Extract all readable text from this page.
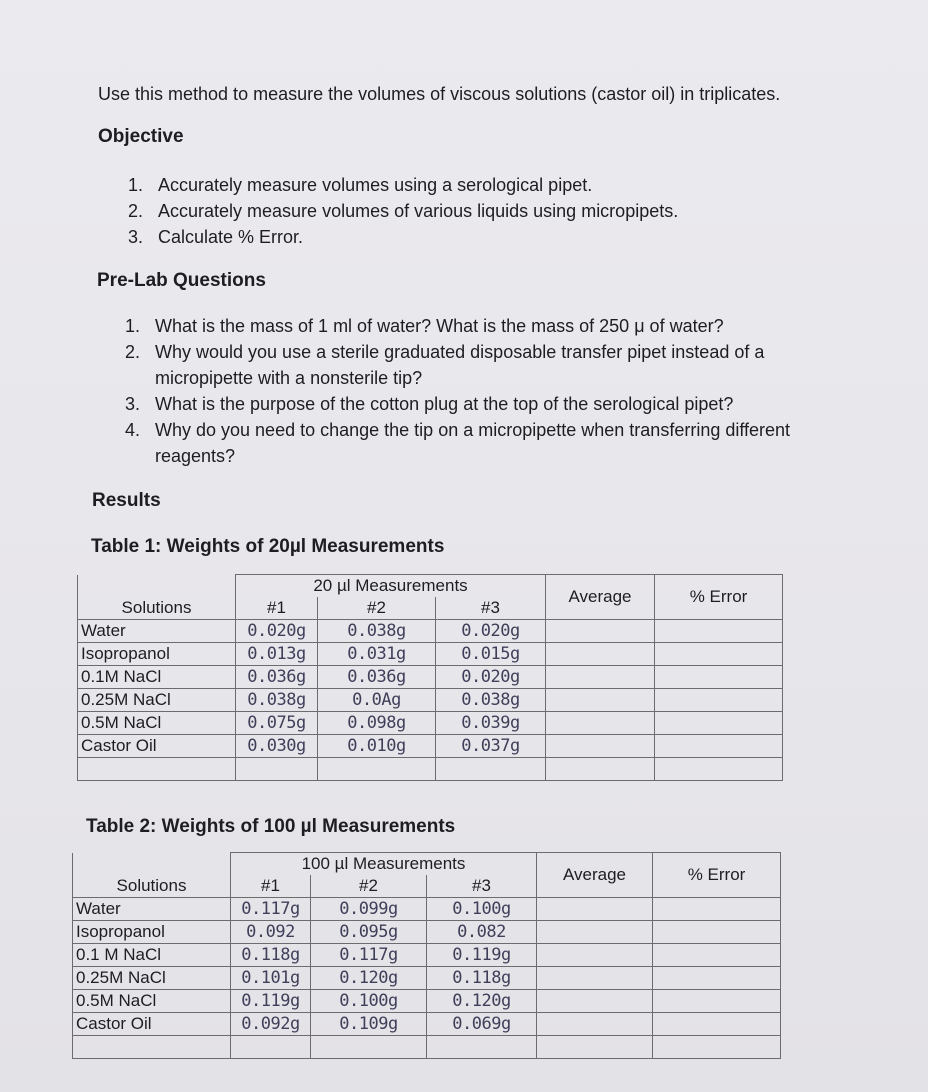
Use this method to measure the volumes of viscous solutions (castor oil) in triplicates.
Objective
1. Accurately measure volumes using a serological pipet.
2. Accurately measure volumes of various liquids using micropipets.
3. Calculate % Error.
Pre-Lab Questions
1. What is the mass of 1 ml of water? What is the mass of 250 μ of water?
2. Why would you use a sterile graduated disposable transfer pipet instead of a micropipette with a nonsterile tip?
3. What is the purpose of the cotton plug at the top of the serological pipet?
4. Why do you need to change the tip on a micropipette when transferring different reagents?
Results
Table 1: Weights of 20µl Measurements
	20 µl Measurements			Average	% Error
Solutions	#1	#2	#3		
Water	0.020g	0.038g	0.020g		
Isopropanol	0.013g	0.031g	0.015g		
0.1M NaCl	0.036g	0.036g	0.020g		
0.25M NaCl	0.038g	0.0Ag	0.038g		
0.5M NaCl	0.075g	0.098g	0.039g		
Castor Oil	0.030g	0.010g	0.037g		

Table 2: Weights of 100 µl Measurements
	100 µl Measurements			Average	% Error
Solutions	#1	#2	#3		
Water	0.117g	0.099g	0.100g		
Isopropanol	0.092	0.095g	0.082		
0.1 M NaCl	0.118g	0.117g	0.119g		
0.25M NaCl	0.101g	0.120g	0.118g		
0.5M NaCl	0.119g	0.100g	0.120g		
Castor Oil	0.092g	0.109g	0.069g		
